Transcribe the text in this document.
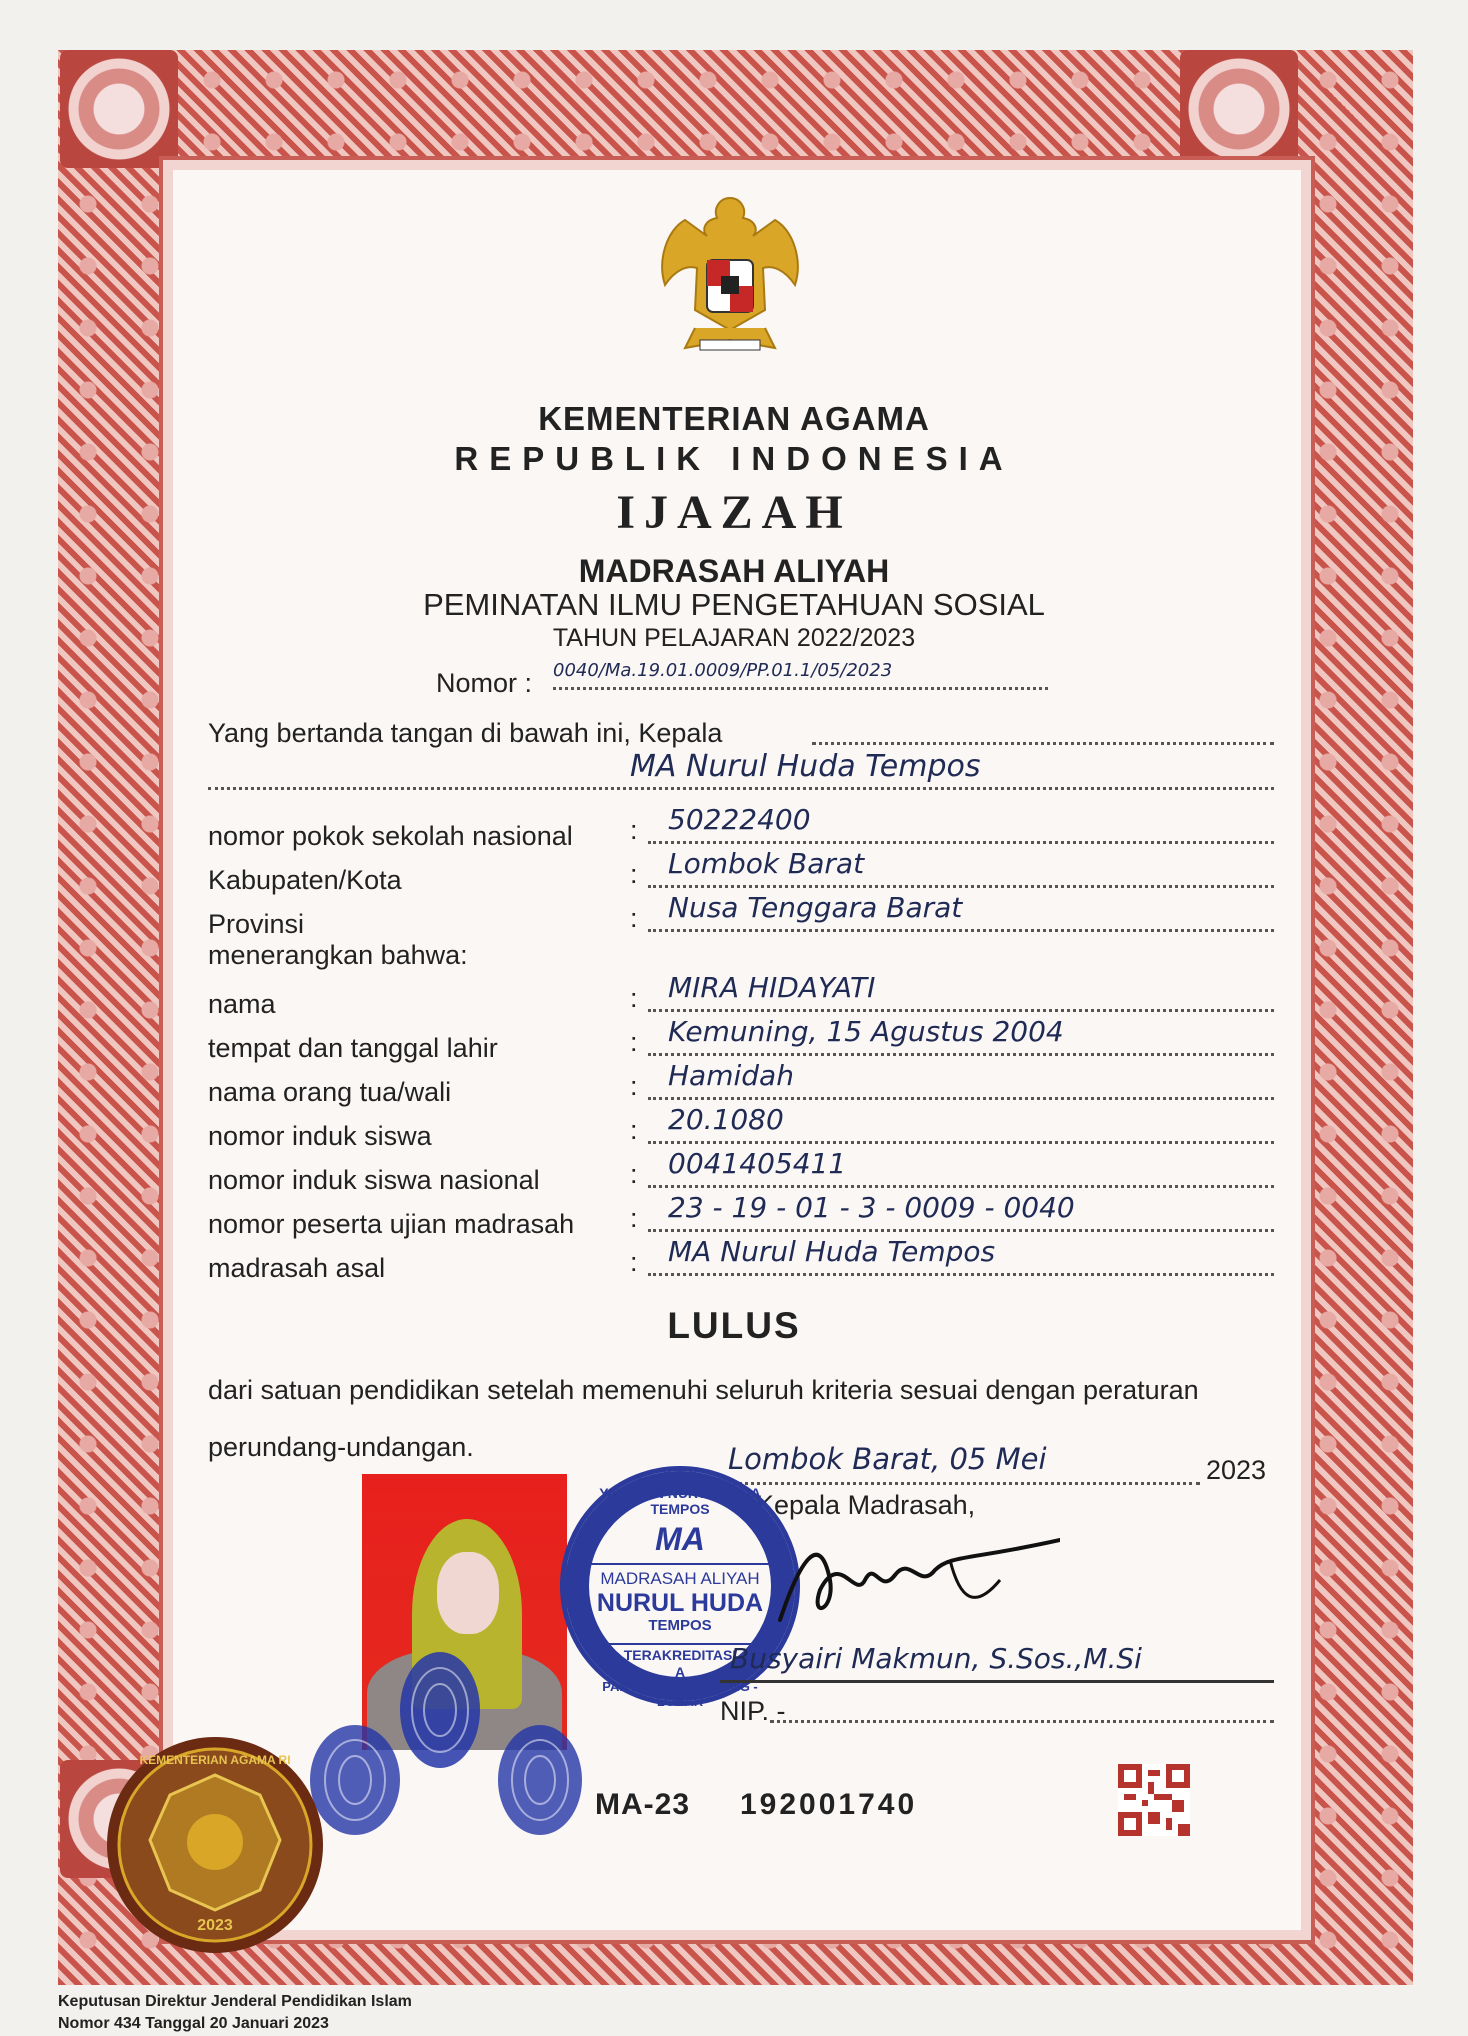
KEMENTERIAN AGAMA

REPUBLIK INDONESIA

IJAZAH

MADRASAH ALIYAH

PEMINATAN ILMU PENGETAHUAN SOSIAL

TAHUN PELAJARAN 2022/2023

Nomor : 0040/Ma.19.01.0009/PP.01.1/05/2023
Yang bertanda tangan di bawah ini, Kepala
MA Nurul Huda Tempos
nomor pokok sekolah nasional :	50222400
Kabupaten/Kota	:	Lombok Barat
Provinsi	:	Nusa Tenggara Barat
menerangkan bahwa:
nama	:	MIRA HIDAYATI
tempat dan tanggal lahir	:	Kemuning, 15 Agustus 2004
nama orang tua/wali	:	Hamidah
nomor induk siswa	:	20.1080
nomor induk siswa nasional	:	0041405411
nomor peserta ujian madrasah :	23 - 19 - 01 - 3 - 0009 - 0040
madrasah asal	:	MA Nurul Huda Tempos

LULUS

dari satuan pendidikan setelah memenuhi seluruh kriteria sesuai dengan peraturan perundang-undangan.	Lombok Barat, 05 Mei	2023
Kepala Madrasah,
YAYASAN NURUL HUDA TEMPOS
MA
MADRASAH ALIYAH
NURUL HUDA
TEMPOS
TERAKREDITASI
A
PANYU URIP - GERUNG - LOBAR
Busyairi Makmun, S.Sos.,M.Si
NIP. -
MA-23 192001740
2023
KEMENTERIAN AGAMA RI
Keputusan Direktur Jenderal Pendidikan Islam
Nomor 434 Tanggal 20 Januari 2023
